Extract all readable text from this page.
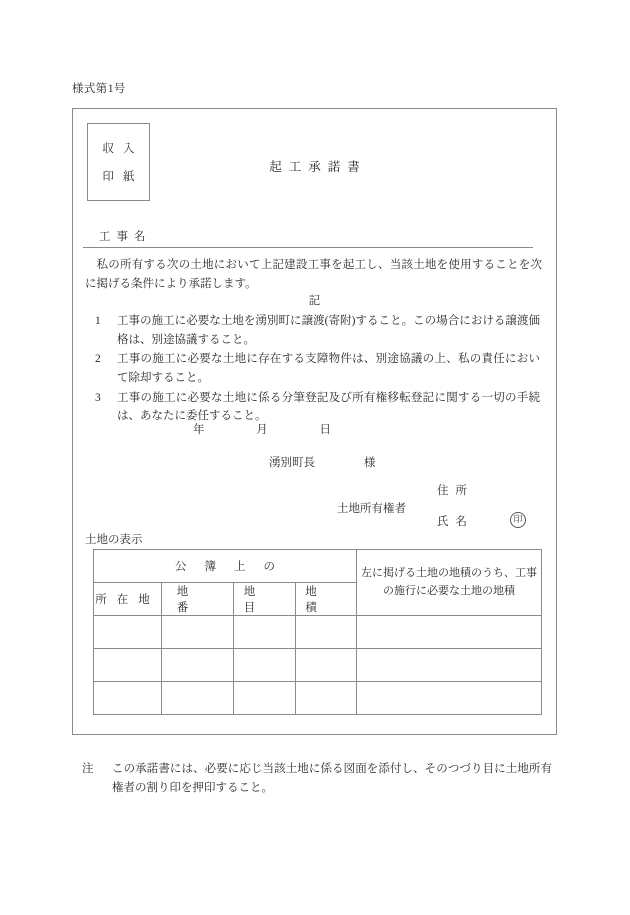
様式第1号
収入
印紙
起工承諾書
工事名
私の所有する次の土地において上記建設工事を起工し、当該土地を使用することを次に掲げる条件により承諾します。
記
1	工事の施工に必要な土地を湧別町に譲渡(寄附)すること。この場合における譲渡価格は、別途協議すること。
2	工事の施工に必要な土地に存在する支障物件は、別途協議の上、私の責任において除却すること。
3	工事の施工に必要な土地に係る分筆登記及び所有権移転登記に関する一切の手続は、あなたに委任すること。
年	月	日
湧別町長	様
土地所有権者
住所
氏名	印
土地の表示
公簿上の				左に掲げる土地の地積のうち、工事の施行に必要な土地の地積
所在地	地番	地目	地積	

注	この承諾書には、必要に応じ当該土地に係る図面を添付し、そのつづり目に土地所有権者の割り印を押印すること。
